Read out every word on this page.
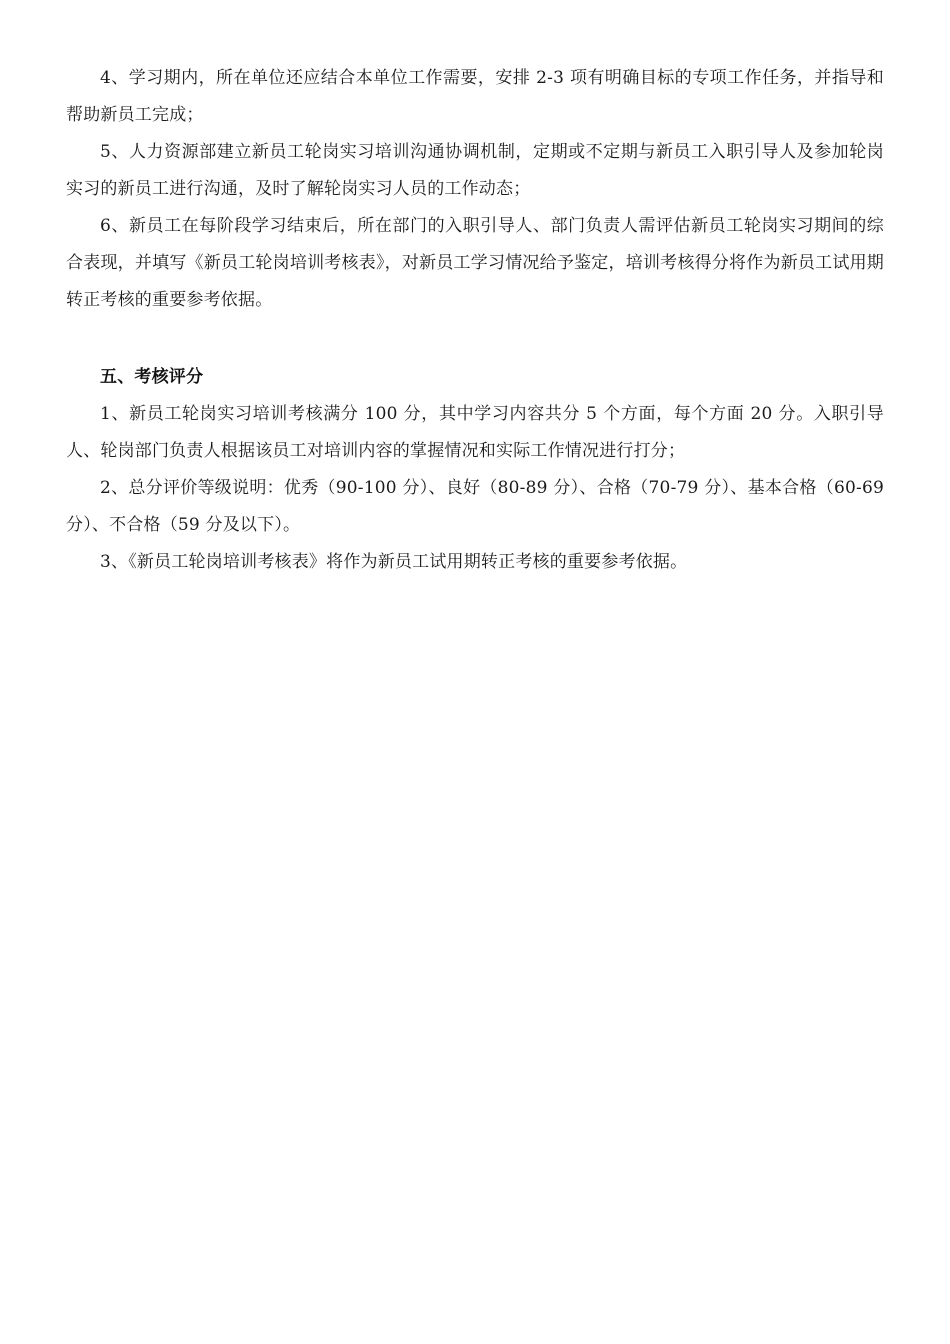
4、学习期内，所在单位还应结合本单位工作需要，安排 2-3 项有明确目标的专项工作任务，并指导和帮助新员工完成；

5、人力资源部建立新员工轮岗实习培训沟通协调机制，定期或不定期与新员工入职引导人及参加轮岗实习的新员工进行沟通，及时了解轮岗实习人员的工作动态；

6、新员工在每阶段学习结束后，所在部门的入职引导人、部门负责人需评估新员工轮岗实习期间的综合表现，并填写《新员工轮岗培训考核表》，对新员工学习情况给予鉴定，培训考核得分将作为新员工试用期转正考核的重要参考依据。

五、考核评分

1、新员工轮岗实习培训考核满分 100 分，其中学习内容共分 5 个方面，每个方面 20 分。入职引导人、轮岗部门负责人根据该员工对培训内容的掌握情况和实际工作情况进行打分；

2、总分评价等级说明：优秀（90-100 分）、良好（80-89 分）、合格（70-79 分）、基本合格（60-69 分）、不合格（59 分及以下）。

3、《新员工轮岗培训考核表》将作为新员工试用期转正考核的重要参考依据。
